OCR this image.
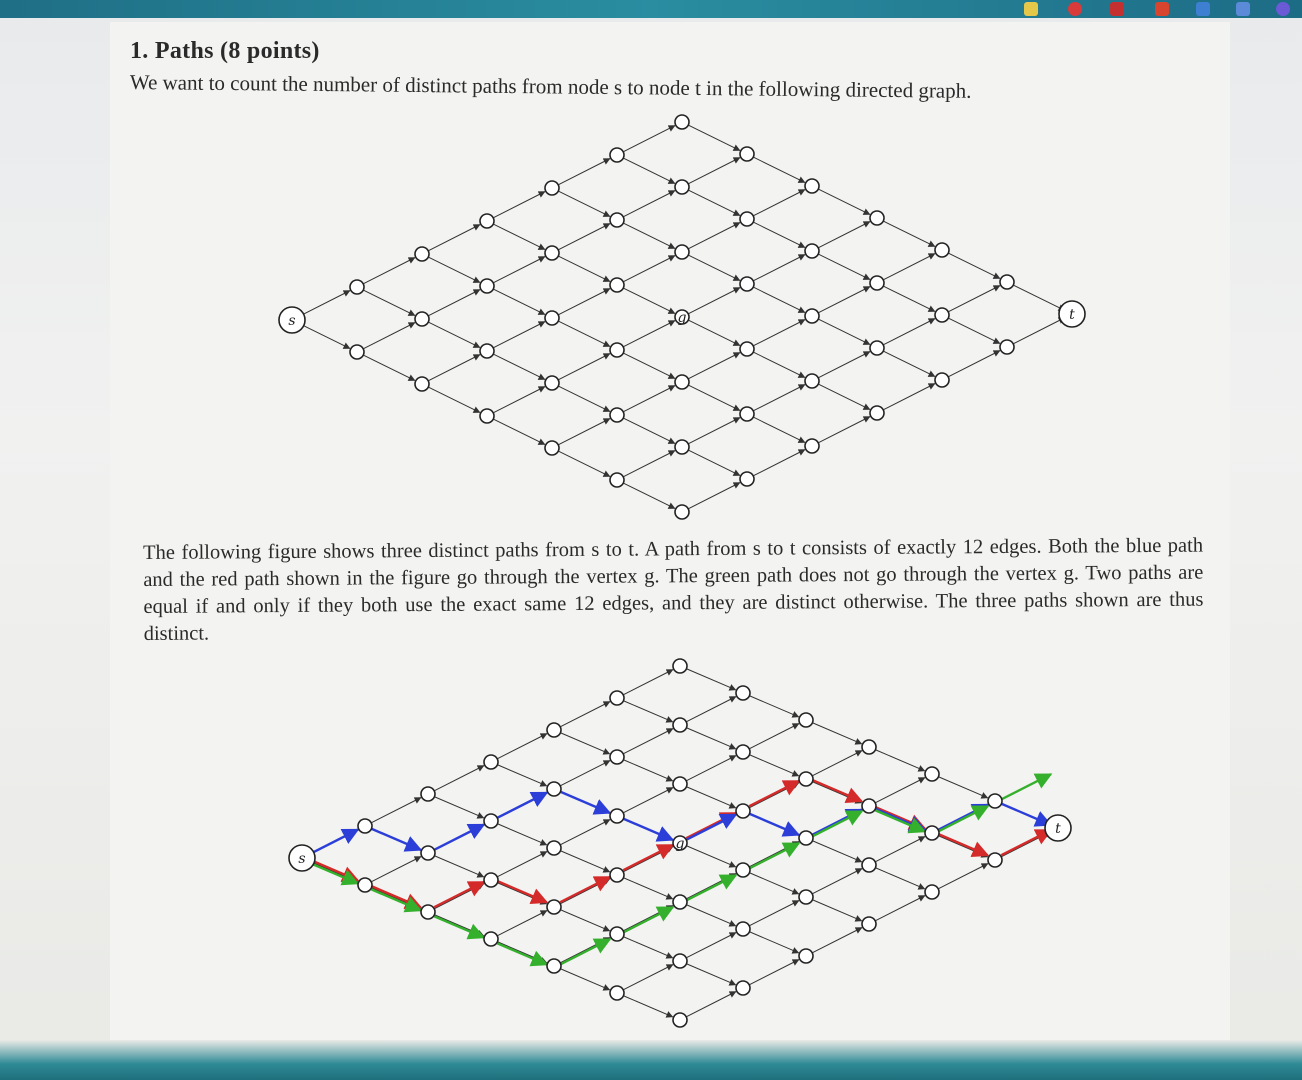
1. Paths (8 points)
We want to count the number of distinct paths from node s to node t in the following directed graph.
s	t
g
s
t
g

The following figure shows three distinct paths from s to t. A path from s to t consists of exactly 12 edges. Both the blue path and the red path shown in the figure go through the vertex g. The green path does not go through the vertex g. Two paths are equal if and only if they both use the exact same 12 edges, and they are distinct otherwise. The three paths shown are thus distinct.
